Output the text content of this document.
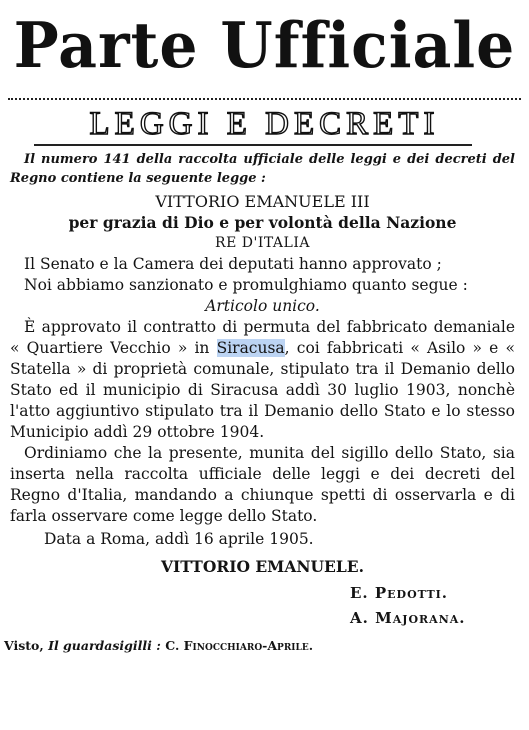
Parte Ufficiale
LEGGI E DECRETI

Il numero 141 della raccolta ufficiale delle leggi e dei decreti del Regno contiene la seguente legge :

VITTORIO EMANUELE III

per grazia di Dio e per volontà della Nazione

RE D'ITALIA

Il Senato e la Camera dei deputati hanno approvato ;

Noi abbiamo sanzionato e promulghiamo quanto segue :

Articolo unico.

È approvato il contratto di permuta del fabbricato demaniale « Quartiere Vecchio » in Siracusa, coi fabbricati « Asilo » e « Statella » di proprietà comunale, stipulato tra il Demanio dello Stato ed il municipio di Siracusa addì 30 luglio 1903, nonchè l'atto aggiuntivo stipulato tra il Demanio dello Stato e lo stesso Municipio addì 29 ottobre 1904.

Ordiniamo che la presente, munita del sigillo dello Stato, sia inserta nella raccolta ufficiale delle leggi e dei decreti del Regno d'Italia, mandando a chiunque spetti di osservarla e di farla osservare come legge dello Stato.

Data a Roma, addì 16 aprile 1905.

VITTORIO EMANUELE.

E. Pedotti.

A. Majorana.

Visto, Il guardasigilli : C. Finocchiaro-Aprile.
